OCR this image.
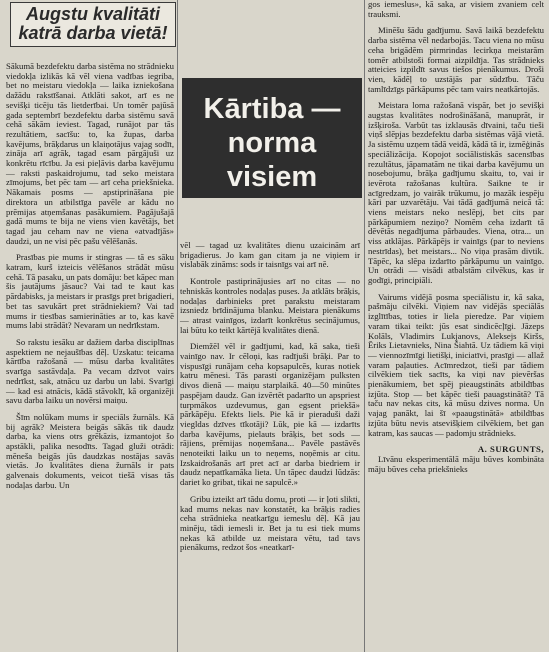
Augstu kvalitāti
katrā darba vietā!

Sākumā bezdefektu darba sistēma no strādnieku viedokļa izlikās kā vēl viena vadības iegriba, bet no meistaru viedokļa — laika izniekošana dažādu rakstīšanai. Atklāti sakot, arī es ne sevišķi ticēju tās lietderībai. Un tomēr pajūsā gada septembrī bezdefektu darba sistēmu savā cehā sākām ieviest. Tagad, runājot par tās rezultātiem, sacīšu: to, ka župas, darba kavējums, brāķdarus un klaiņotājus vajag sodīt, zināja arī agrāk, tagad esam pārgājuši uz konkrētu rīcību. Ja esi pieļāvis darba kavējumu — raksti paskaidrojumu, tad seko meistara zīmojums, bet pēc tam — arī ceha priekšnieka. Nākamais posms — apstiprināšana pie direktora un atbilstīga pavēle ar kādu no prēmijas atņemšanas pasākumiem. Pagājušajā gadā mums te bija ne viens vien kavētājs, bet tagad jau ceham nav ne viena «atvadījās» daudzi, un ne visi pēc pašu vēlēšanās.

Prasības pie mums ir stingras — tā es sāku katram, kurš izteicis vēlēšanos strādāt mūsu cehā. Tā pasaku, un pats domāju: bet kāpec man šis jautājums jāsauc? Vai tad te kaut kas pārdabisks, ja meistars ir prasīgs pret brigadieri, bet tas savukārt pret strādniekiem? Vai tad mums ir tiesības samierināties ar to, kas kavē mums labi strādāt? Nevaram un nedrīkstam.

So rakstu iesāku ar dažiem darba disciplīnas aspektiem ne nejaušības dēļ. Uzskatu: teicama kārtība ražošanā — mūsu darba kvalitātes svarīga sastāvdaļa. Pa vecam dzīvot vairs nedrīkst, sak, atnācu uz darbu un labi. Svarīgi — kad esi atnācis, kādā stāvoklī, kā organizēji savu darba laiku un novērsi maiņu.

Šīm nolūkam mums ir speciāls žurnāls. Kā bij agrāk? Meistera beigās sākās tik daudz darba, ka viens otrs grēkāzis, izmantojot šo apstākli, palika nesodīts. Tagad gluži otrādi: mēneša beigās jūs daudzkas nostājas savās vietās. Jo kvalitātes diena žurnāls ir pats galvenais dokuments, veicot tiešā visas tās nodaļas darbu. Un

Kārtiba —
norma
visiem

vēl — tagad uz kvalitātes dienu uzaicinām arī brigadierus. Jo kam gan citam ja ne viņiem ir vislabāk zināms: sods ir taisnīgs vai arī nē.

Kontrole pastiprinājusies arī no citas — no tehniskās kontroles nodaļas puses. Ja atklāts brāķis, nodaļas darbinieks pret parakstu meistaram izsniedz brīdinājuma blanku. Meistara pienākums — atrast vainīgos, izdarīt konkrētus secinājumus, lai būtu ko teikt kārtējā kvalitātes dienā.

Diemžēl vēl ir gadījumi, kad, kā saka, tieši vainīgo nav. Ir cēloņi, kas radījuši brāķi. Par to vispusīgi runājam ceha kopsapulcēs, kuras notiek katru mēnesi. Tās parasti organizējam pulksten divos dienā — maiņu starplaikā. 40—50 minūtes paspējam daudz. Gan izvērtēt padarīto un apspriest turpmākos uzdevumus, gan egsent priekšā» pārkāpēju. Efekts liels. Pie kā ir pieraduši daži viegldas dzīves tīkotāji? Lūk, pie kā — izdarīts darba kavējums, pielauts brāķis, bet sods — rājiens, prēmijas noņemšana... Pavēle pastāvēs nenoteikti laiku un to neņems, noņēmis ar citu. Izskaidrošanās arī pret acī ar darba biedriem ir daudz nepatīkamāka lieta. Un tāpec daudzi lūdzās: dariet ko gribat, tikai ne sapulcē.»

Gribu izteikt arī tādu domu, proti — ir ļoti slikti, kad mums nekas nav konstatēt, ka brāķis radies ceha strādnieka neatkarīgu iemeslu dēļ. Kā jau minēju, tādi iemesli ir. Bet ja tu esi tiek mums nekas kā atbilde uz meistara vētu, tad tavs pienākums, redzot šos «neatkarī-

gos iemeslus», kā saka, ar visiem zvaniem celt trauksmi.

Minēšu šādu gadījumu. Savā laikā bezdefektu darba sistēma vēl nedarbojās. Tacu viena no mūsu ceha brigādēm pirmrindas lecirkņa meistarām tomēr atbilstoši formai aizpildīja. Tas strādnieks atteicies izpildīt savus tiešos pienākumus. Droši vien, kādēļ to uzstājās par sūdzību. Tāču tamlīdzīgs pārkāpums pēc tam vairs neatkārtojās.

Meistara loma ražošanā vispār, bet jo sevišķi augstas kvalitātes nodrošināšanā, manuprāt, ir izšķiroša. Varbūt tas izklausās dīvaini, taču tieši viņš slēpjas bezdefektu darba sistēmas vājā vietā. Ja sistēmu uzņem tādā veidā, kādā tā ir, izmēģinās speciālizācija. Kopojot sociālistiskās sacensības rezultātus, jāpamatām ne tikai darba kavējumu un nosebojumu, brāķa gadījumu skaitu, to, vai ir ievērota ražošanas kultūra. Saikne te ir acīgredzam, jo vairāk trūkumu, jo mazāk iespēju kāri par uzvarētāju. Vai tādā gadījumā neicā tā: viens meistars neko neslēpj, bet cits par pārkāpumiem neziņo? Nomēm ceha izdarīt tā dēvētās negadījuma pārbaudes. Viena, otra... un viss atklājas. Pārkāpējs ir vainīgs (par to neviens nestrīdas), bet meistars... No viņa prasām divtik. Tāpēc, ka slēpa izdarīto pārkāpumu un vainīgo. Un otrādi — visādi atbalstām cilvēkus, kas ir godīgi, principiāli.

Vairums vidējā posma speciālistu ir, kā saka, pašmāju cilvēki. Viņiem nav vidējās speciālās izglītības, toties ir liela pieredze. Par viņiem varam tikai teikt: jūs esat sindicēcļīgi. Jāzeps Kolāls, Vladimirs Lukjanovs, Aleksejs Kiršs, Ēriks Lietavnieks, Nina Šiahtā. Uz tādiem kā viņi — viennozīmīgi lietišķi, iniciatīvi, prasīgi — allaž varam paļauties. Acīmredzot, tieši par tādiem cilvēkiem tiek sacīts, ka viņi nav pievēršas pienākumiem, bet spēj pieaugstināts atbildības izjūta. Stop — bet kāpēc tieši pauagstinātā? Tā taču nav nekas cits, kā mūsu dzives norma. Un vajag panākt, lai šī «paaugstinātā» atbildības izjūta būtu nevis atsevišķiem cilvēkiem, bet gan katram, kas saucas — padomju strādnieks.

A. SURGUNTS,

Līvānu eksperimentālā māju būves kombināta māju būves ceha priekšnieks
